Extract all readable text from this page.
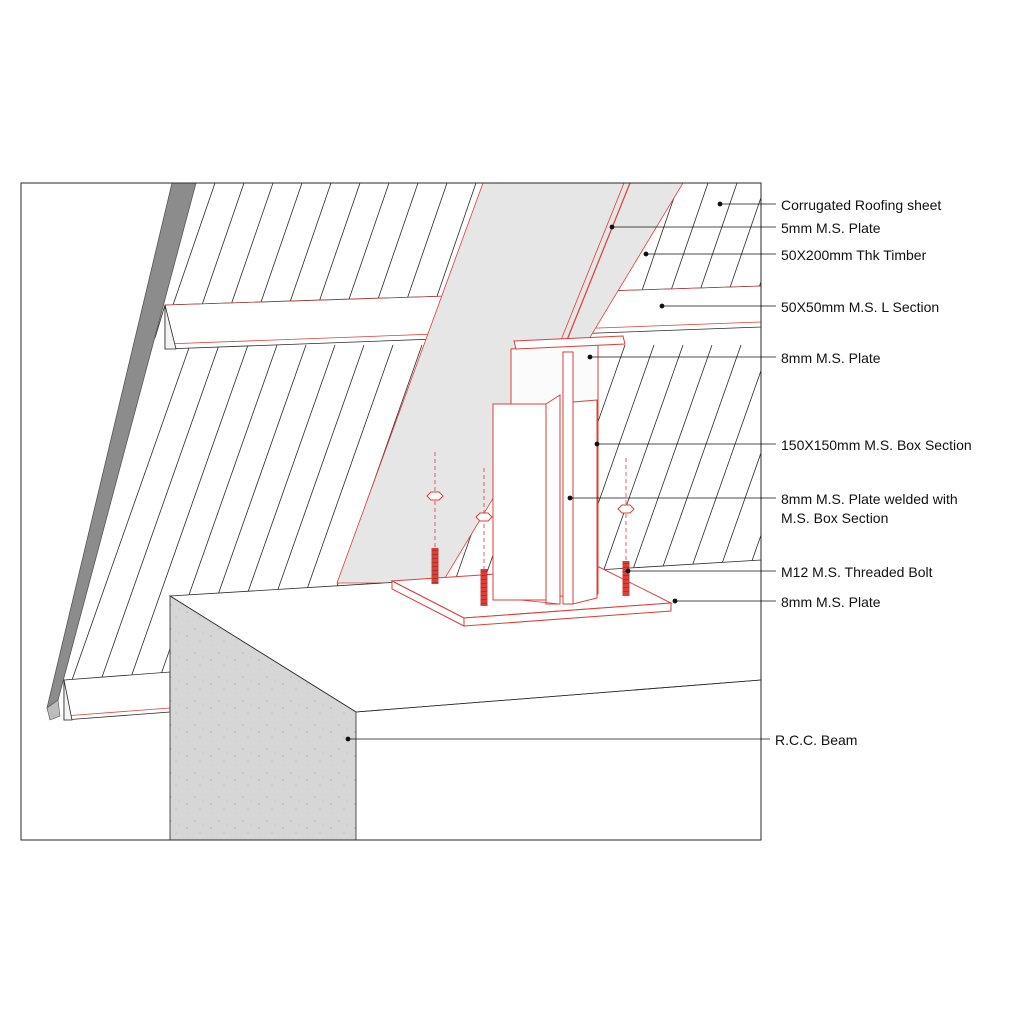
Corrugated Roofing sheet
5mm M.S. Plate
50X200mm Thk Timber
50X50mm M.S. L Section
8mm M.S. Plate
150X150mm M.S. Box Section
8mm M.S. Plate welded with
M.S. Box Section
M12 M.S. Threaded Bolt
8mm M.S. Plate
R.C.C. Beam
